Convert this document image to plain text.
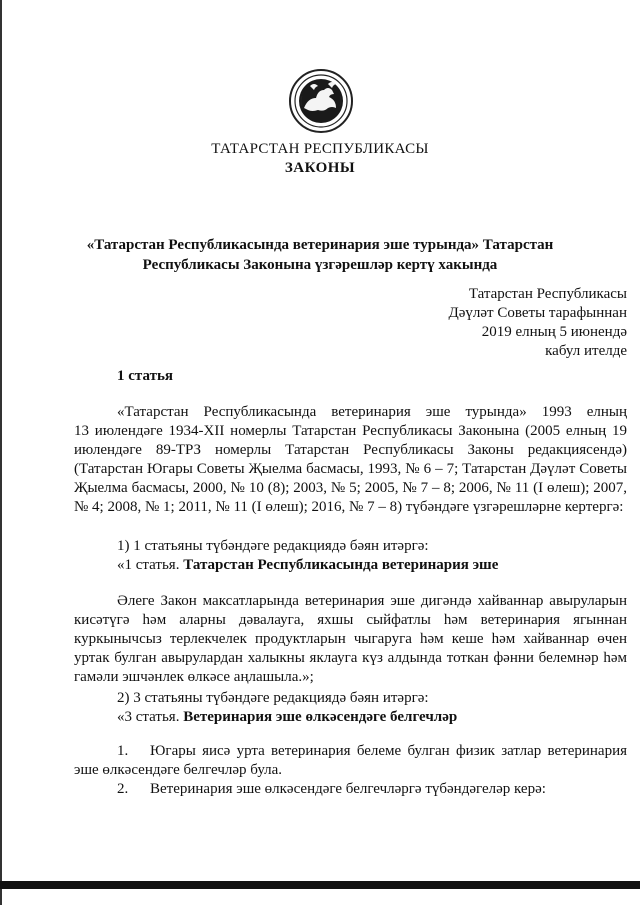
ТАТАРСТАН РЕСПУБЛИКАСЫ
ЗАКОНЫ
«Татарстан Республикасында ветеринария эше турында» Татарстан
Республикасы Законына үзгәрешләр кертү хакында
Татарстан Республикасы
Дәүләт Советы тарафыннан
2019 елның 5 июнендә
кабул ителде
1 статья
«Татарстан Республикасында ветеринария эше турында» 1993 елның
13 июлендәге 1934-XII номерлы Татарстан Республикасы Законына (2005 елның 19 июлендәге 89-ТРЗ номерлы Татарстан Республикасы Законы редакциясендә) (Татарстан Югары Советы Җыелма басмасы, 1993, № 6 – 7; Татарстан Дәүләт Советы Җыелма басмасы, 2000, № 10 (8); 2003, № 5; 2005, № 7 – 8; 2006, № 11 (I өлеш); 2007, № 4; 2008, № 1; 2011, № 11 (I өлеш); 2016, № 7 – 8) түбәндәге үзгәрешләрне кертергә:
1) 1 статьяны түбәндәге редакциядә бәян итәргә:
«1 статья. Татарстан Республикасында ветеринария эше
Әлеге Закон максатларында ветеринария эше дигәндә хайваннар авыруларын кисәтүгә һәм аларны дәвалауга, яхшы сыйфатлы һәм ветеринария ягыннан куркынычсыз терлекчелек продуктларын чыгаруга һәм кеше һәм хайваннар өчен уртак булган авырулардан халыкны яклауга күз алдында тоткан фәнни белемнәр һәм гамәли эшчәнлек өлкәсе аңлашыла.»;
2) 3 статьяны түбәндәге редакциядә бәян итәргә:
«3 статья. Ветеринария эше өлкәсендәге белгечләр
1. Югары яисә урта ветеринария белеме булган физик затлар ветеринария
эше өлкәсендәге белгечләр була.
2. Ветеринария эше өлкәсендәге белгечләргә түбәндәгеләр керә:
